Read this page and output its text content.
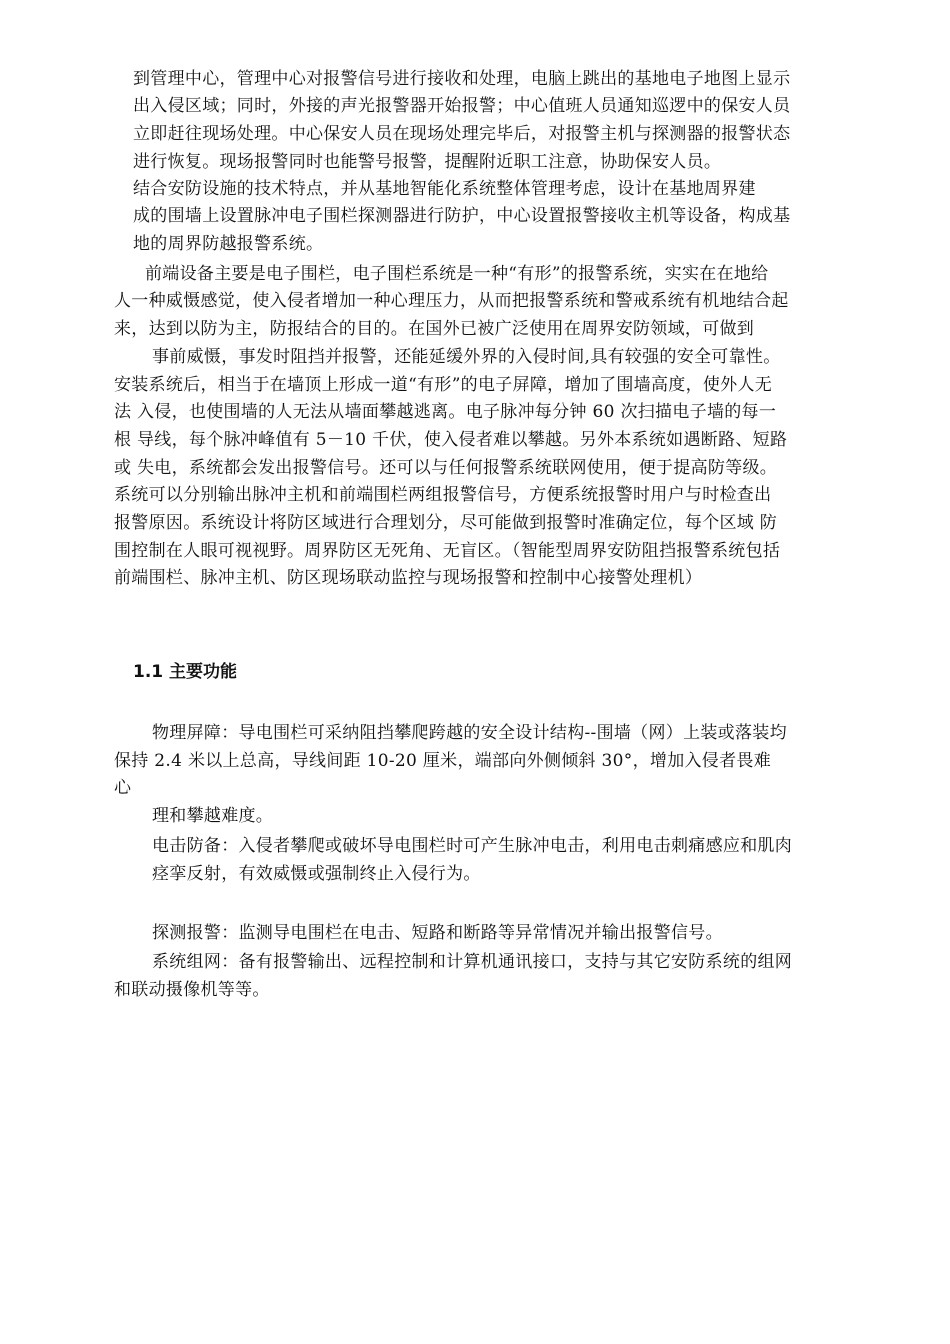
到管理中心，管理中心对报警信号进行接收和处理，电脑上跳出的基地电子地图上显示
出入侵区域；同时，外接的声光报警器开始报警；中心值班人员通知巡逻中的保安人员
立即赶往现场处理。中心保安人员在现场处理完毕后，对报警主机与探测器的报警状态
进行恢复。现场报警同时也能警号报警，提醒附近职工注意，协助保安人员。
结合安防设施的技术特点，并从基地智能化系统整体管理考虑，设计在基地周界建
成的围墙上设置脉冲电子围栏探测器进行防护，中心设置报警接收主机等设备，构成基
地的周界防越报警系统。
前端设备主要是电子围栏，电子围栏系统是一种“有形”的报警系统，实实在在地给
人一种威慑感觉，使入侵者增加一种心理压力，从而把报警系统和警戒系统有机地结合起
来，达到以防为主，防报结合的目的。在国外已被广泛使用在周界安防领域，可做到
事前威慑，事发时阻挡并报警，还能延缓外界的入侵时间,具有较强的安全可靠性。
安装系统后，相当于在墙顶上形成一道“有形”的电子屏障，增加了围墙高度，使外人无
法 入侵，也使围墙的人无法从墙面攀越逃离。电子脉冲每分钟 60 次扫描电子墙的每一
根 导线，每个脉冲峰值有 5－10 千伏，使入侵者难以攀越。另外本系统如遇断路、短路
或 失电，系统都会发出报警信号。还可以与任何报警系统联网使用，便于提高防等级。
系统可以分别输出脉冲主机和前端围栏两组报警信号，方便系统报警时用户与时检查出
报警原因。系统设计将防区域进行合理划分，尽可能做到报警时准确定位，每个区域 防
围控制在人眼可视视野。周界防区无死角、无盲区。（智能型周界安防阻挡报警系统包括
前端围栏、脉冲主机、防区现场联动监控与现场报警和控制中心接警处理机）
1.1 主要功能
物理屏障：导电围栏可采纳阻挡攀爬跨越的安全设计结构--围墙（网）上装或落装均
保持 2.4 米以上总高，导线间距 10-20 厘米，端部向外侧倾斜 30°，增加入侵者畏难
心
理和攀越难度。
电击防备：入侵者攀爬或破坏导电围栏时可产生脉冲电击，利用电击刺痛感应和肌肉
痉挛反射，有效威慑或强制终止入侵行为。
探测报警：监测导电围栏在电击、短路和断路等异常情况并输出报警信号。
系统组网：备有报警输出、远程控制和计算机通讯接口，支持与其它安防系统的组网
和联动摄像机等等。
